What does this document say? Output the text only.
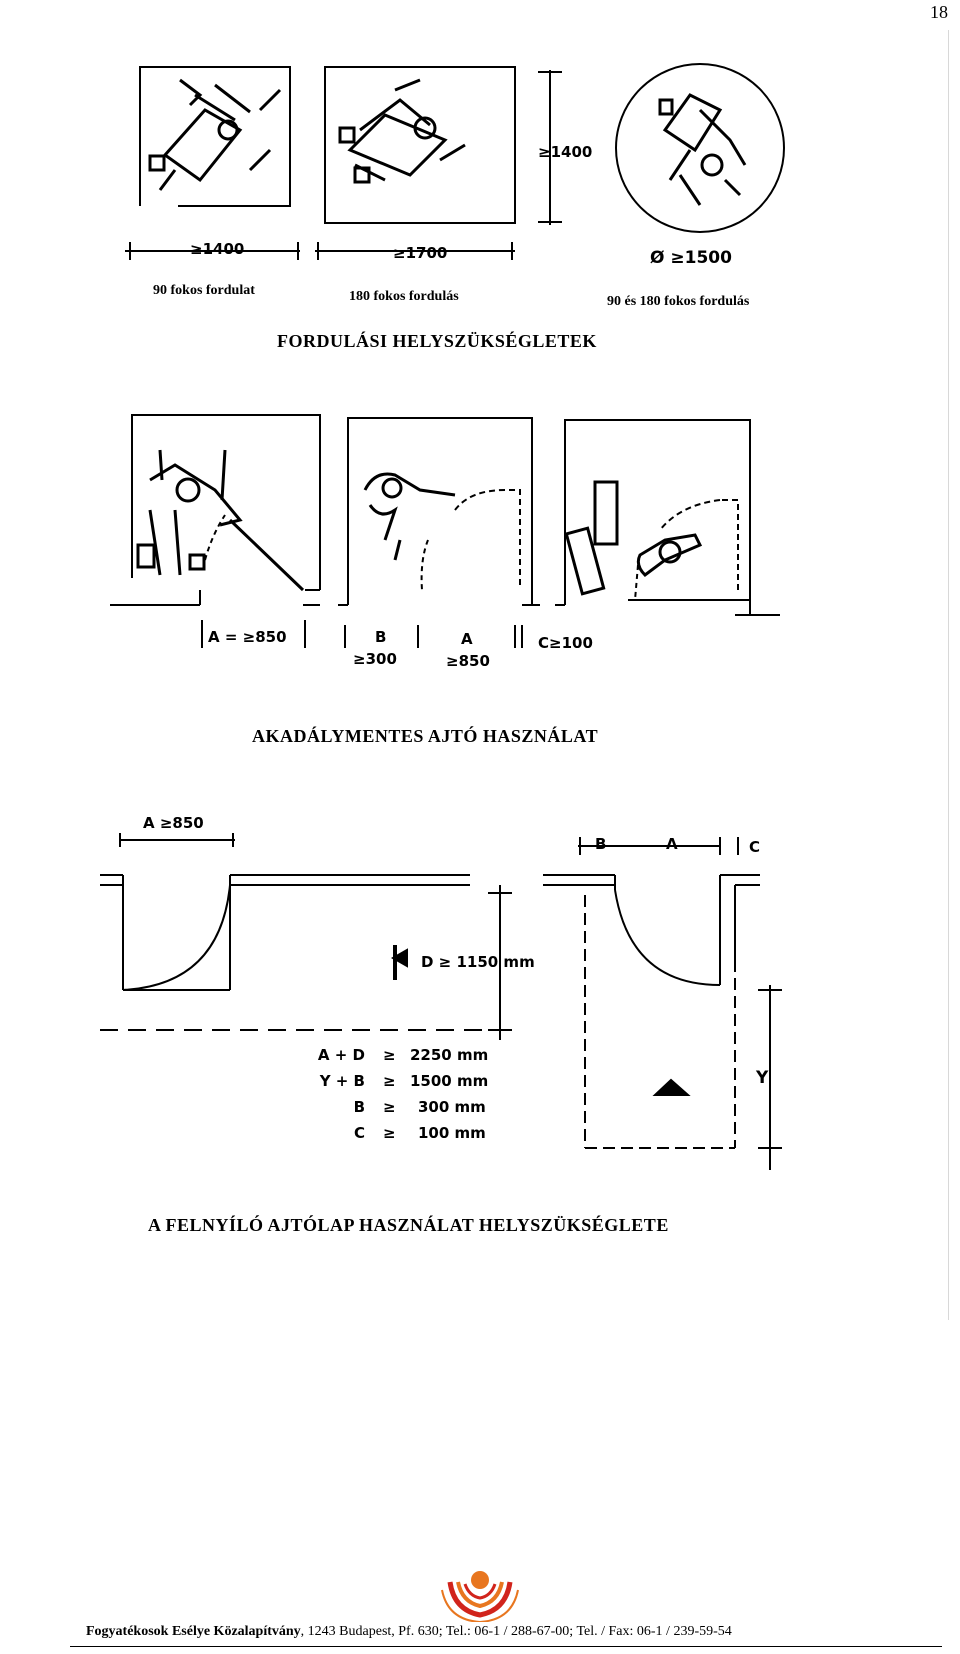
18
≥1400	≥1700
≥1400
Ø ≥1500
90 fokos fordulat	180 fokos fordulás	90 és 180 fokos fordulás
FORDULÁSI HELYSZÜKSÉGLETEK
A = ≥850	B
≥300
A
≥850
C≥100
AKADÁLYMENTES AJTÓ HASZNÁLAT
A ≥850
D ≥ 1150 mm
B	A	C
Y
A + D ≥ 2250 mm
Y + B ≥ 1500 mm
B ≥ 300 mm
C ≥ 100 mm
A FELNYÍLÓ AJTÓLAP HASZNÁLAT HELYSZÜKSÉGLETE
Fogyatékosok Esélye Közalapítvány, 1243 Budapest, Pf. 630; Tel.: 06-1 / 288-67-00; Tel. / Fax: 06-1 / 239-59-54
